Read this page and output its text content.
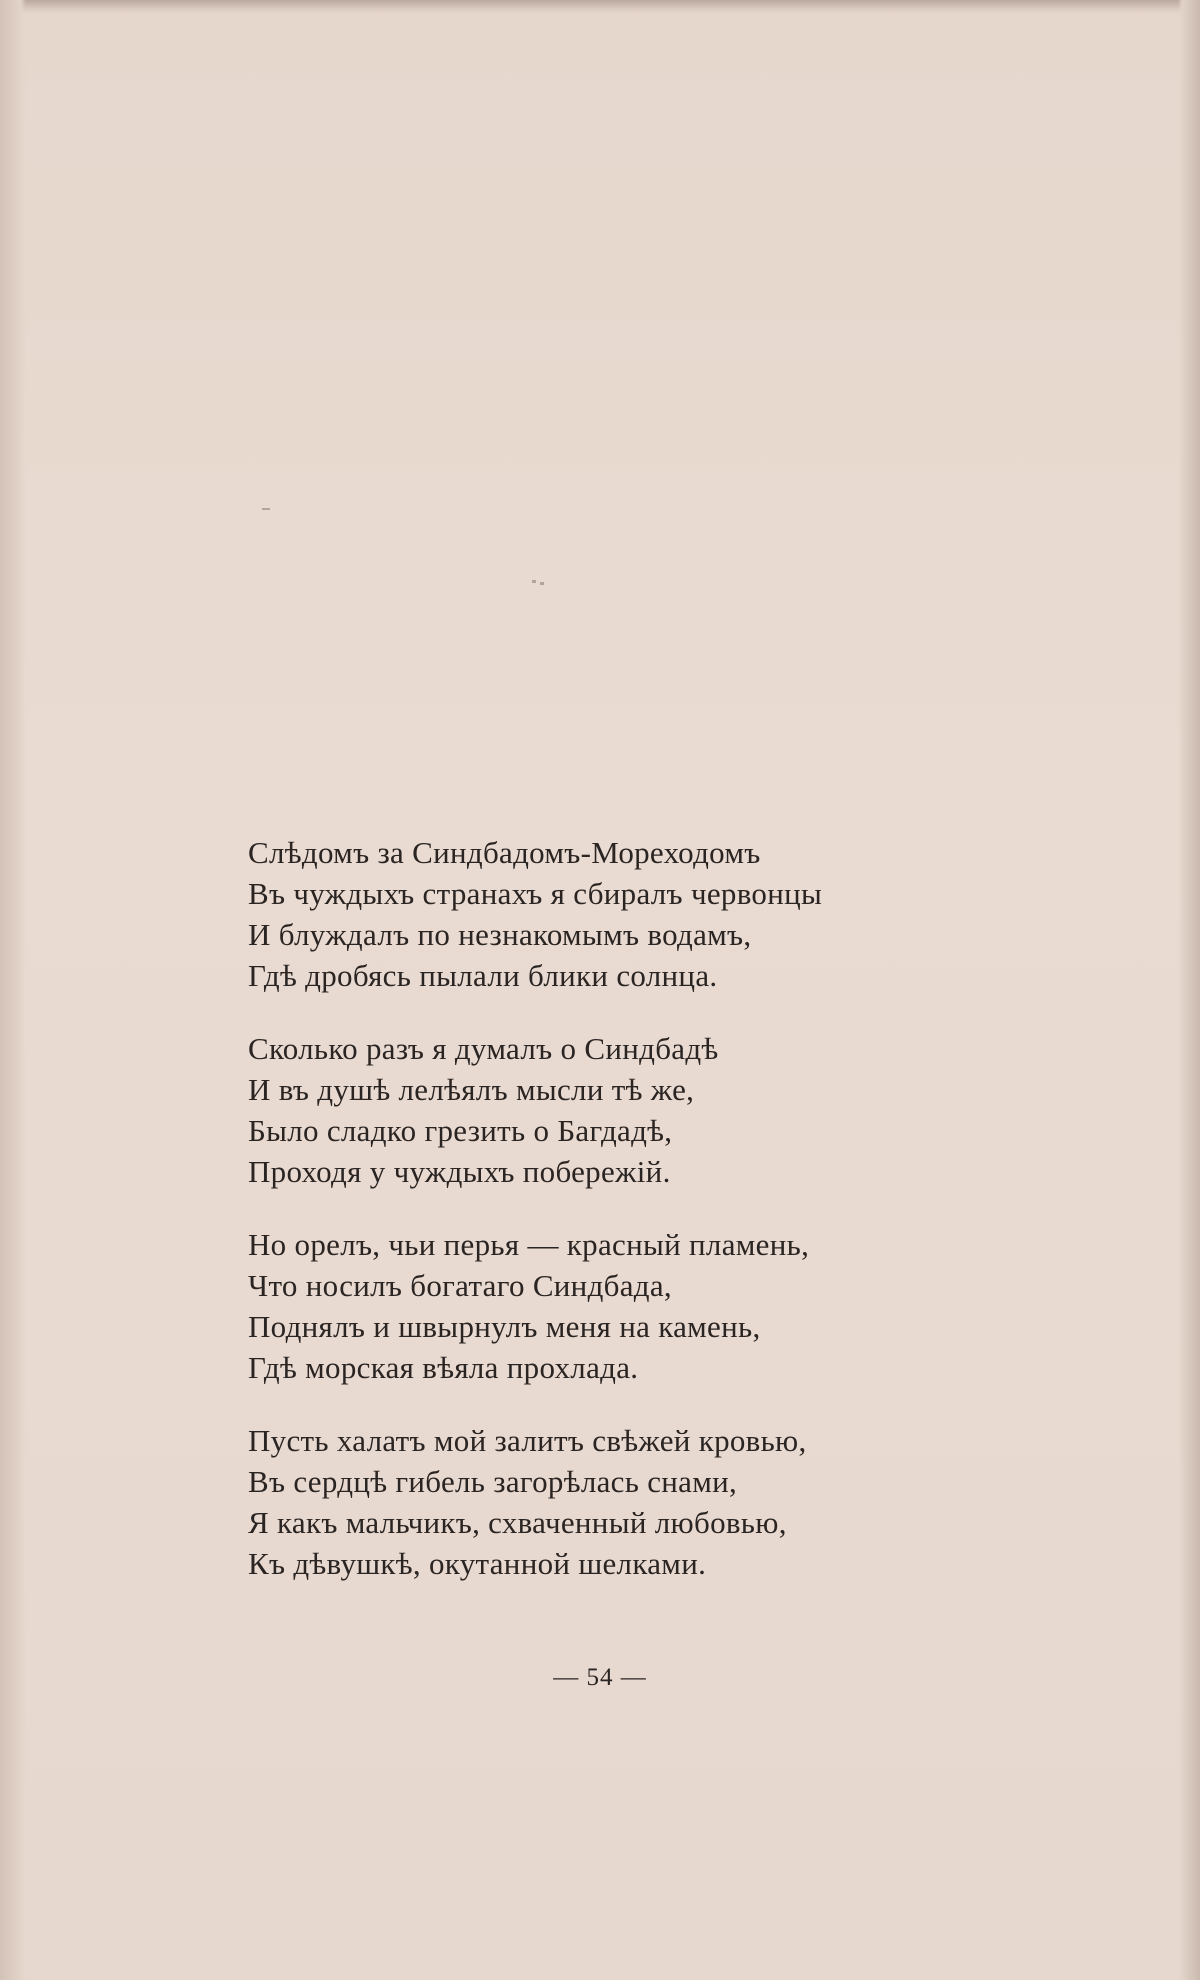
Слѣдомъ за Синдбадомъ-Мореходомъ
Въ чуждыхъ странахъ я сбиралъ червонцы
И блуждалъ по незнакомымъ водамъ,
Гдѣ дробясь пылали блики солнца.
Сколько разъ я думалъ о Синдбадѣ
И въ душѣ лелѣялъ мысли тѣ же,
Было сладко грезить о Багдадѣ,
Проходя у чуждыхъ побережій.
Но орелъ, чьи перья — красный пламень,
Что носилъ богатаго Синдбада,
Поднялъ и швырнулъ меня на камень,
Гдѣ морская вѣяла прохлада.
Пусть халатъ мой залитъ свѣжей кровью,
Въ сердцѣ гибель загорѣлась снами,
Я какъ мальчикъ, схваченный любовью,
Къ дѣвушкѣ, окутанной шелками.
— 54 —
